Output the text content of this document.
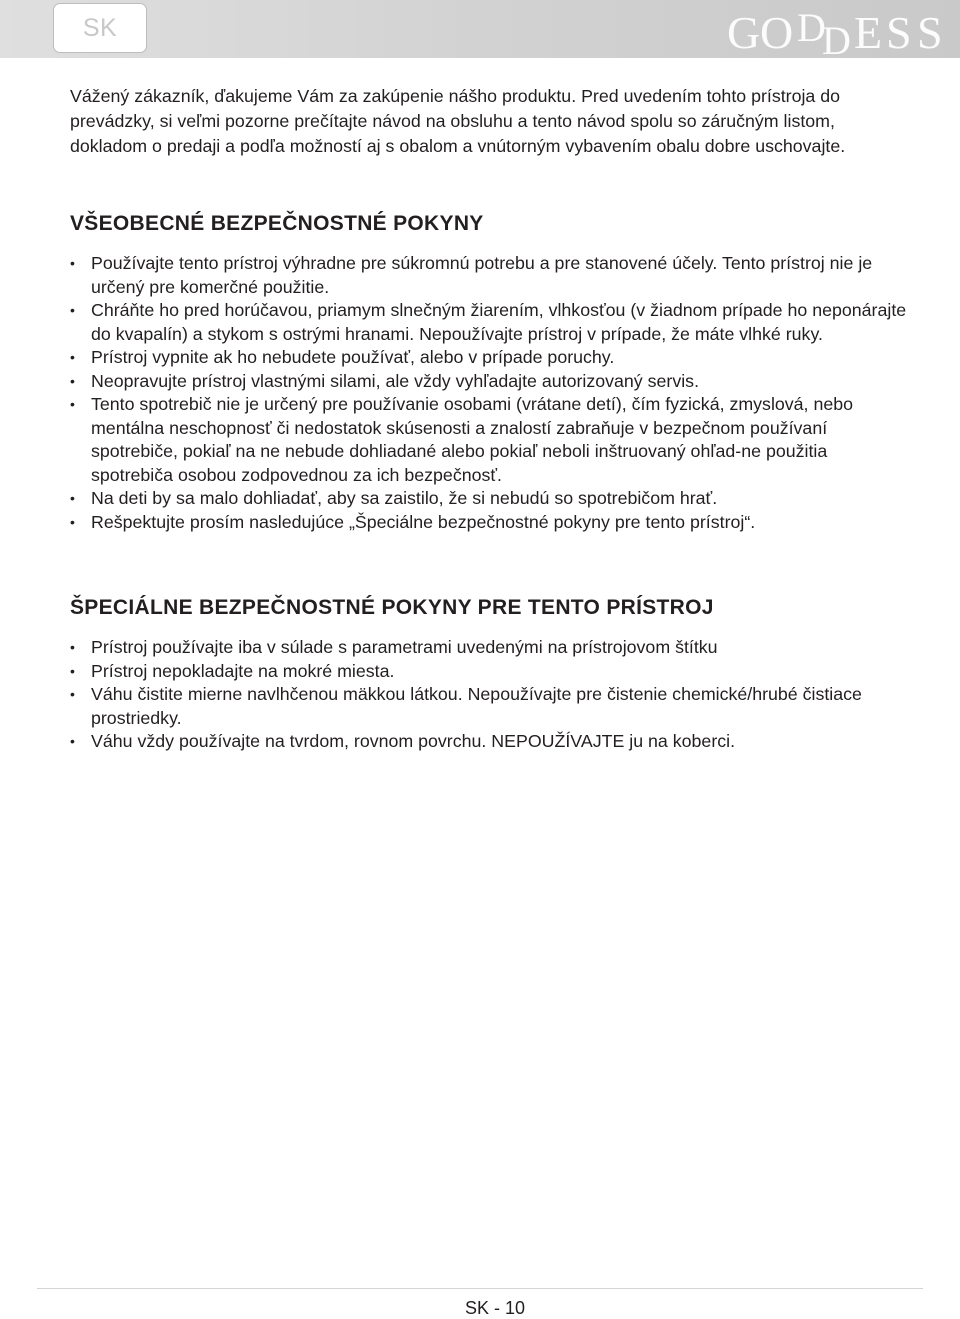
SK	G O D
D E S S

Vážený zákazník, ďakujeme Vám za zakúpenie nášho produktu. Pred uvedením tohto prístroja do prevádzky, si veľmi pozorne prečítajte návod na obsluhu a tento návod spolu so záručným listom, dokladom o predaji a podľa možností aj s obalom a vnútorným vybavením obalu dobre uschovajte.

VŠEOBECNÉ BEZPEČNOSTNÉ POKYNY
• Používajte tento prístroj výhradne pre súkromnú potrebu a pre stanovené účely. Tento prístroj nie je určený pre komerčné použitie.
• Chráňte ho pred horúčavou, priamym slnečným žiarením, vlhkosťou (v žiadnom prípade ho neponárajte do kvapalín) a stykom s ostrými hranami. Nepoužívajte prístroj v prípade, že máte vlhké ruky.
• Prístroj vypnite ak ho nebudete používať, alebo v prípade poruchy.
• Neopravujte prístroj vlastnými silami, ale vždy vyhľadajte autorizovaný servis.
• Tento spotrebič nie je určený pre používanie osobami (vrátane detí), čím fyzická, zmyslová, nebo mentálna neschopnosť či nedostatok skúsenosti a znalostí zabraňuje v bezpečnom používaní spotrebiče, pokiaľ na ne nebude dohliadané alebo pokiaľ neboli inštruovaný ohľad-ne použitia spotrebiča osobou zodpovednou za ich bezpečnosť.
• Na deti by sa malo dohliadať, aby sa zaistilo, že si nebudú so spotrebičom hrať.
• Rešpektujte prosím nasledujúce „Špeciálne bezpečnostné pokyny pre tento prístroj“.
ŠPECIÁLNE BEZPEČNOSTNÉ POKYNY PRE TENTO PRÍSTROJ
• Prístroj používajte iba v súlade s parametrami uvedenými na prístrojovom štítku
• Prístroj nepokladajte na mokré miesta.
• Váhu čistite mierne navlhčenou mäkkou látkou. Nepoužívajte pre čistenie chemické/hrubé čistiace prostriedky.
• Váhu vždy používajte na tvrdom, rovnom povrchu. NEPOUŽÍVAJTE ju na koberci.
SK - 10
